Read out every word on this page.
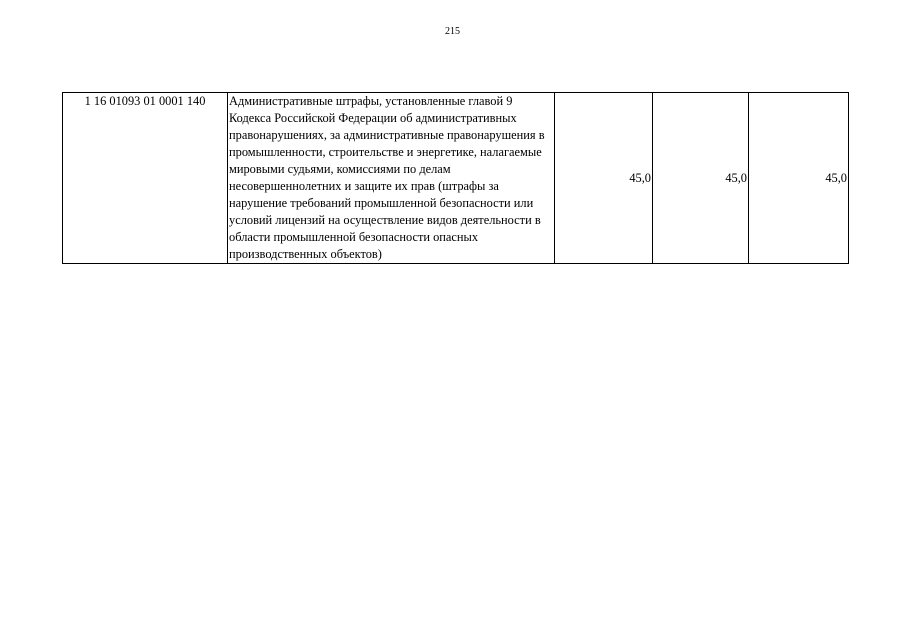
215
1 16 01093 01 0001 140	Административные штрафы, установленные главой 9 Кодекса Российской Федерации об административных правонарушениях, за административные правонарушения в промышленности, строительстве и энергетике, налагаемые мировыми судьями, комиссиями по делам несовершеннолетних и защите их прав (штрафы за нарушение требований промышленной безопасности или условий лицензий на осуществление видов деятельности в области промышленной безопасности опасных производственных объектов)	45,0	45,0	45,0
